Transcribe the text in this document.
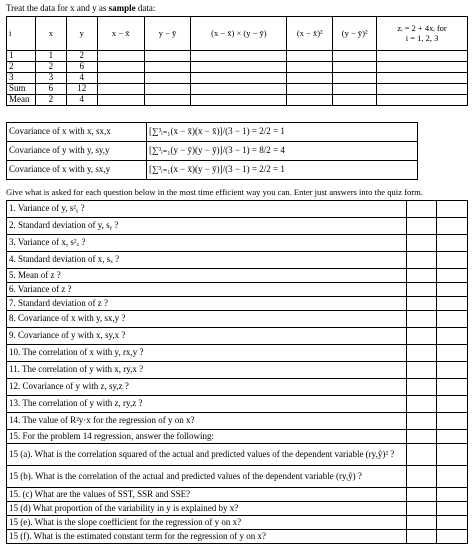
Treat the data for x and y as sample data:
i	x	y	x − x̄	y − ȳ	(x − x̄) × (y − ȳ)	(x − x̄)²	(y − ȳ)²	zᵢ = 2 + 4xᵢ for
i = 1, 2, 3

1	1	2						
2	2	6						
3	3	4						
Sum	6	12						
Mean	2	4						
Covariance of x with x, sx,x	[∑³ᵢ₌₁(x − x̄)(x − x̄)]/(3 − 1) = 2/2 = 1
Covariance of y with y, sy,y	[∑³ᵢ₌₁(y − ȳ)(y − ȳ)]/(3 − 1) = 8/2 = 4
Covariance of x with y, sx,y	[∑³ᵢ₌₁(x − x̄)(y − ȳ)]/(3 − 1) = 2/2 = 1
Give what is asked for each question below in the most time efficient way you can. Enter just answers into the quiz form.
1. Variance of y, s²ᵧ ?		
2. Standard deviation of y, sᵧ ?		
3. Variance of x, s²ₓ ?		
4. Standard deviation of x, sₓ ?		
5. Mean of z ?		
6. Variance of z ?		
7. Standard deviation of z ?		
8. Covariance of x with y, sx,y ?		
9. Covariance of y with x, sy,x ?		
10. The correlation of x with y, rx,y ?		
11. The correlation of y with x, ry,x ?		
12. Covariance of y with z, sy,z ?		
13. The correlation of y with z, ry,z ?		
14. The value of R²y·x for the regression of y on x?		
15. For the problem 14 regression, answer the following:		
15 (a). What is the correlation squared of the actual and predicted values of the dependent variable (ry,ŷ)² ?		
15 (b). What is the correlation of the actual and predicted values of the dependent variable (ry,ŷ) ?		
15. (c) What are the values of SST, SSR and SSE?		
15 (d) What proportion of the variability in y is explained by x?		
15 (e). What is the slope coefficient for the regression of y on x?		
15 (f). What is the estimated constant term for the regression of y on x?		
